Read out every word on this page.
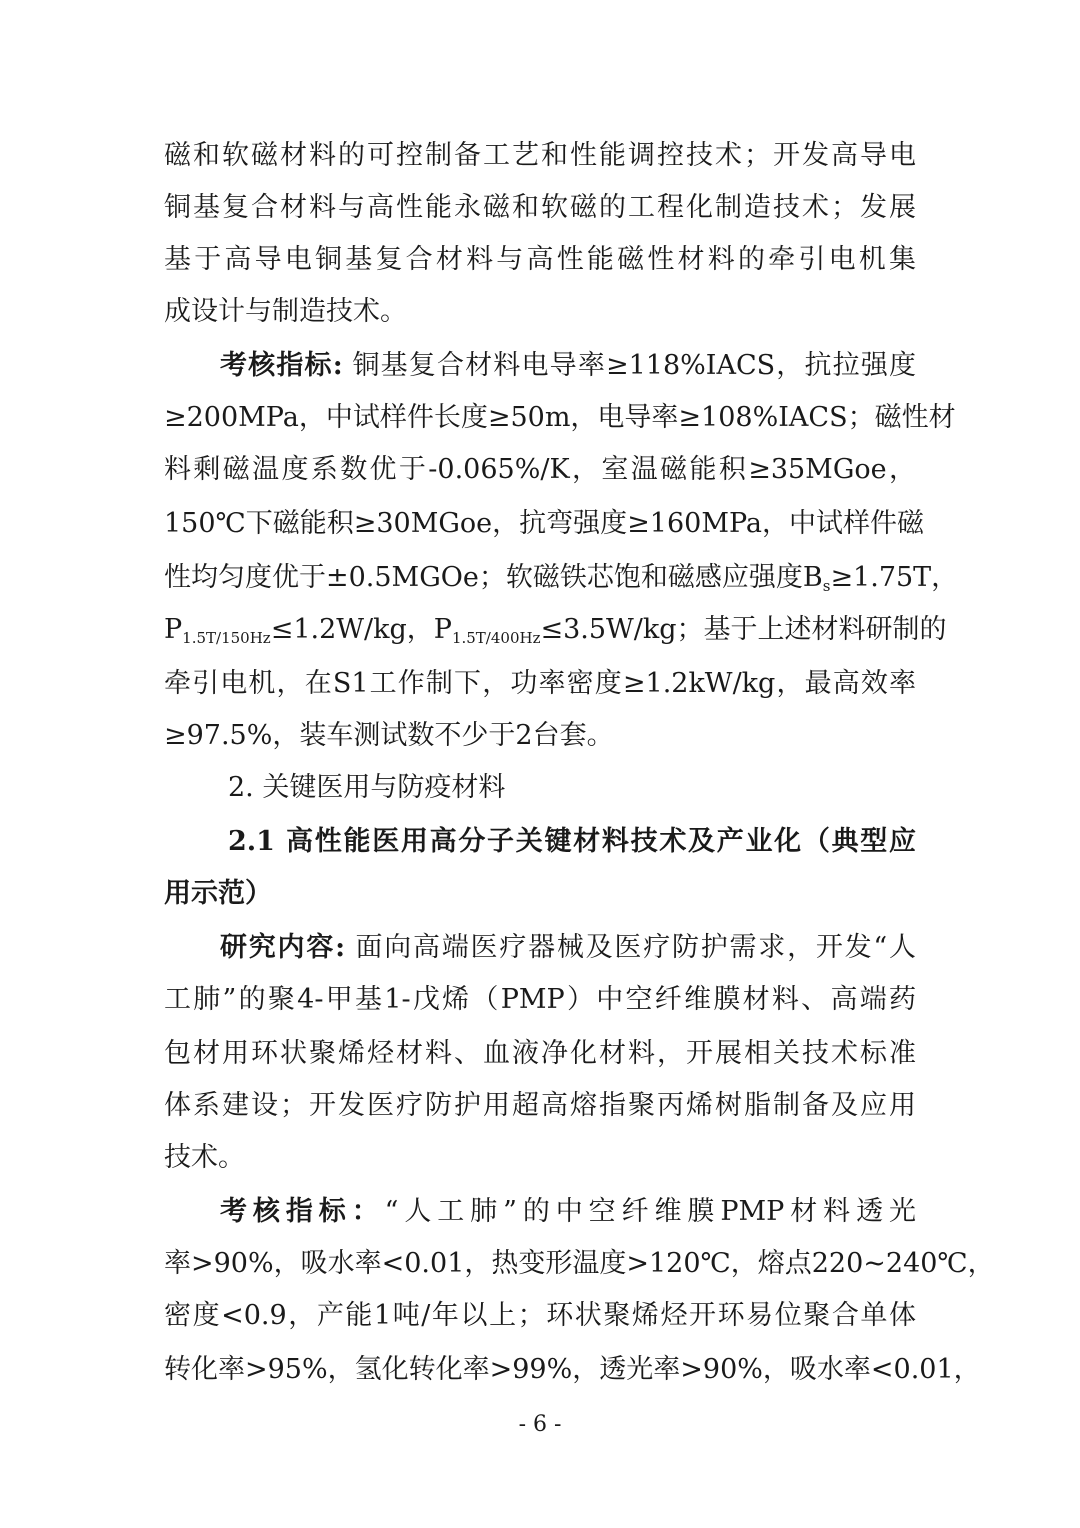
磁和软磁材料的可控制备工艺和性能调控技术；开发高导电
铜基复合材料与高性能永磁和软磁的工程化制造技术；发展
基于高导电铜基复合材料与高性能磁性材料的牵引电机集
成设计与制造技术。
考核指标: 铜基复合材料电导率≥118%IACS，抗拉强度
≥200MPa，中试样件长度≥50m，电导率≥108%IACS；磁性材
料剩磁温度系数优于-0.065%/K，室温磁能积≥35MGoe，
150℃下磁能积≥30MGoe，抗弯强度≥160MPa，中试样件磁
性均匀度优于±0.5MGOe；软磁铁芯饱和磁感应强度$B_s\ge 1.75T$，
$P_{1.5T/150Hz}\le 1.2W/kg$，$P_{1.5T/400Hz}\le 3.5W/kg$；基于上述材料研制的
牵引电机，在S1工作制下，功率密度≥1.2kW/kg，最高效率
≥97.5%，装车测试数不少于2台套。
2. 关键医用与防疫材料
2.1 高性能医用高分子关键材料技术及产业化（典型应
用示范）
研究内容: 面向高端医疗器械及医疗防护需求，开发“人
工肺”的聚4-甲基1-戊烯（PMP）中空纤维膜材料、高端药
包材用环状聚烯烃材料、血液净化材料，开展相关技术标准
体系建设；开发医疗防护用超高熔指聚丙烯树脂制备及应用
技术。
考核指标：“人工肺”的中空纤维膜PMP材料透光
率>90%，吸水率<0.01，热变形温度>120℃，熔点220~240℃，
密度<0.9，产能1吨/年以上；环状聚烯烃开环易位聚合单体
转化率>95%，氢化转化率>99%，透光率>90%，吸水率<0.01，
- 6 -
